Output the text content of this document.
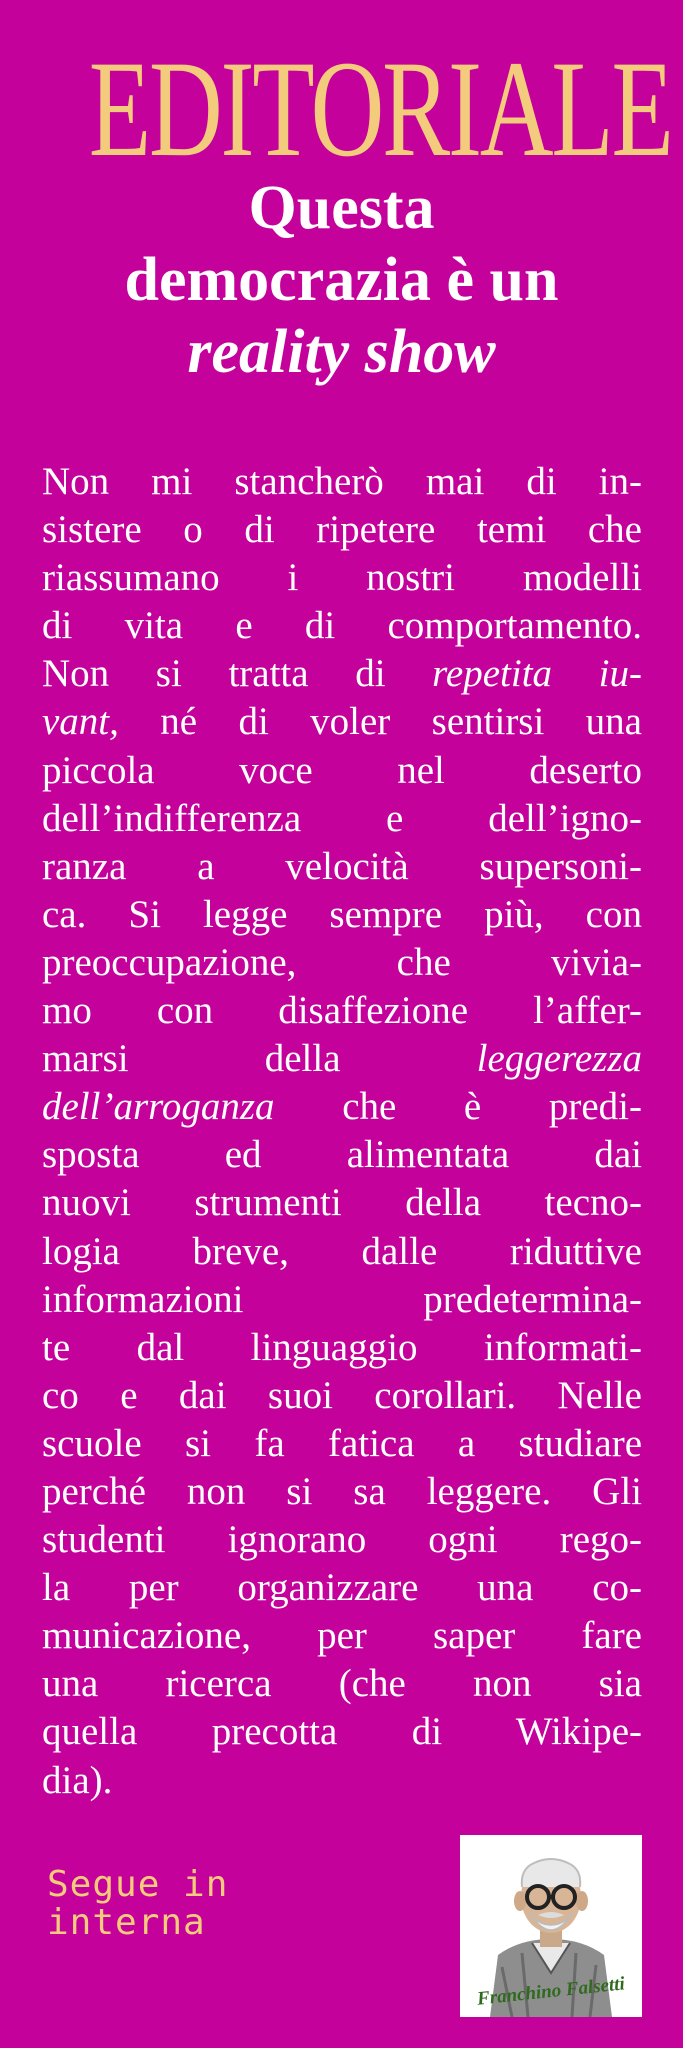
EDITORIALE
Questa
democrazia è un
reality show
Non mi stancherò mai di in-
sistere o di ripetere temi che
riassumano i nostri modelli
di vita e di comportamento.
Non si tratta di repetita iu-
vant, né di voler sentirsi una
piccola voce nel deserto
dell’indifferenza e dell’igno-
ranza a velocità supersoni-
ca. Si legge sempre più, con
preoccupazione, che vivia-
mo con disaffezione l’affer-
marsi della leggerezza
dell’arroganza che è predi-
sposta ed alimentata dai
nuovi strumenti della tecno-
logia breve, dalle riduttive
informazioni predetermina-
te dal linguaggio informati-
co e dai suoi corollari. Nelle
scuole si fa fatica a studiare
perché non si sa leggere. Gli
studenti ignorano ogni rego-
la per organizzare una co-
municazione, per saper fare
una ricerca (che non sia
quella precotta di Wikipe-
dia).
Segue in
interna
Franchino Falsetti
